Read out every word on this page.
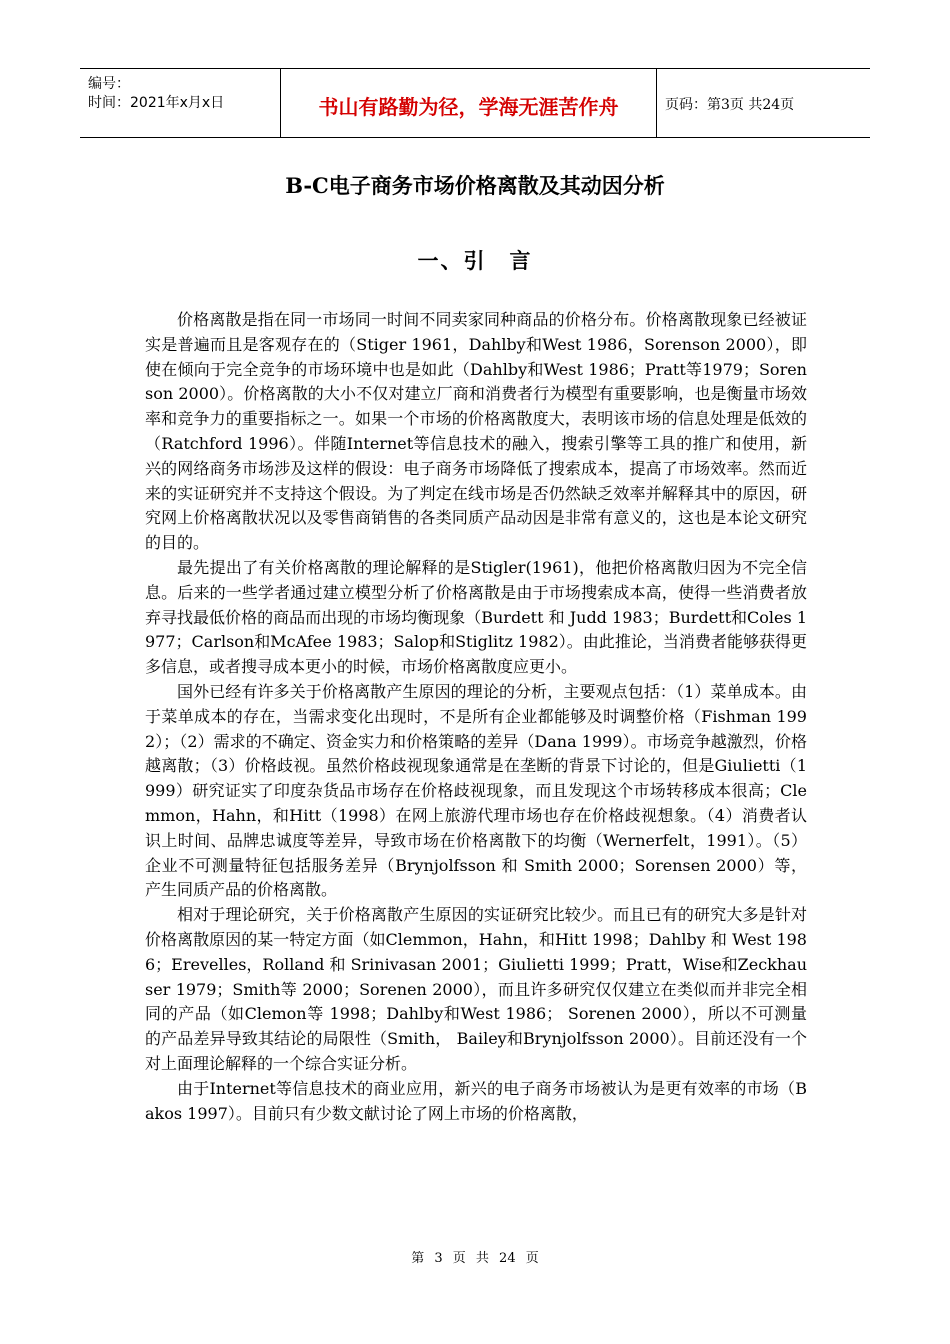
编号：
时间：2021年x月x日	书山有路勤为径，学海无涯苦作舟	页码：第3页 共24页
B-C电子商务市场价格离散及其动因分析
一、引　言

价格离散是指在同一市场同一时间不同卖家同种商品的价格分布。价格离散现象已经被证实是普遍而且是客观存在的（Stiger 1961，Dahlby和West 1986，Sorenson 2000），即使在倾向于完全竞争的市场环境中也是如此（Dahlby和West 1986；Pratt等1979；Sorenson 2000）。价格离散的大小不仅对建立厂商和消费者行为模型有重要影响，也是衡量市场效率和竞争力的重要指标之一。如果一个市场的价格离散度大，表明该市场的信息处理是低效的（Ratchford 1996）。伴随Internet等信息技术的融入，搜索引擎等工具的推广和使用，新兴的网络商务市场涉及这样的假设：电子商务市场降低了搜索成本，提高了市场效率。然而近来的实证研究并不支持这个假设。为了判定在线市场是否仍然缺乏效率并解释其中的原因，研究网上价格离散状况以及零售商销售的各类同质产品动因是非常有意义的，这也是本论文研究的目的。

最先提出了有关价格离散的理论解释的是Stigler(1961)，他把价格离散归因为不完全信息。后来的一些学者通过建立模型分析了价格离散是由于市场搜索成本高，使得一些消费者放弃寻找最低价格的商品而出现的市场均衡现象（Burdett 和 Judd 1983；Burdett和Coles 1977；Carlson和McAfee 1983；Salop和Stiglitz 1982）。由此推论，当消费者能够获得更多信息，或者搜寻成本更小的时候，市场价格离散度应更小。

国外已经有许多关于价格离散产生原因的理论的分析，主要观点包括：（1）菜单成本。由于菜单成本的存在，当需求变化出现时，不是所有企业都能够及时调整价格（Fishman 1992）；（2）需求的不确定、资金实力和价格策略的差异（Dana 1999）。市场竞争越激烈，价格越离散；（3）价格歧视。虽然价格歧视现象通常是在垄断的背景下讨论的，但是Giulietti（1999）研究证实了印度杂货品市场存在价格歧视现象，而且发现这个市场转移成本很高；Clemmon，Hahn，和Hitt（1998）在网上旅游代理市场也存在价格歧视想象。（4）消费者认识上时间、品牌忠诚度等差异，导致市场在价格离散下的均衡（Wernerfelt，1991）。（5）企业不可测量特征包括服务差异（Brynjolfsson 和 Smith 2000；Sorensen 2000）等，产生同质产品的价格离散。

相对于理论研究，关于价格离散产生原因的实证研究比较少。而且已有的研究大多是针对价格离散原因的某一特定方面（如Clemmon，Hahn，和Hitt 1998；Dahlby 和 West 1986；Erevelles，Rolland 和 Srinivasan 2001；Giulietti 1999；Pratt，Wise和Zeckhauser 1979；Smith等 2000；Sorenen 2000），而且许多研究仅仅建立在类似而并非完全相同的产品（如Clemon等 1998；Dahlby和West 1986； Sorenen 2000），所以不可测量的产品差异导致其结论的局限性（Smith， Bailey和Brynjolfsson 2000）。目前还没有一个对上面理论解释的一个综合实证分析。

由于Internet等信息技术的商业应用，新兴的电子商务市场被认为是更有效率的市场（Bakos 1997）。目前只有少数文献讨论了网上市场的价格离散，

第 3 页 共 24 页
